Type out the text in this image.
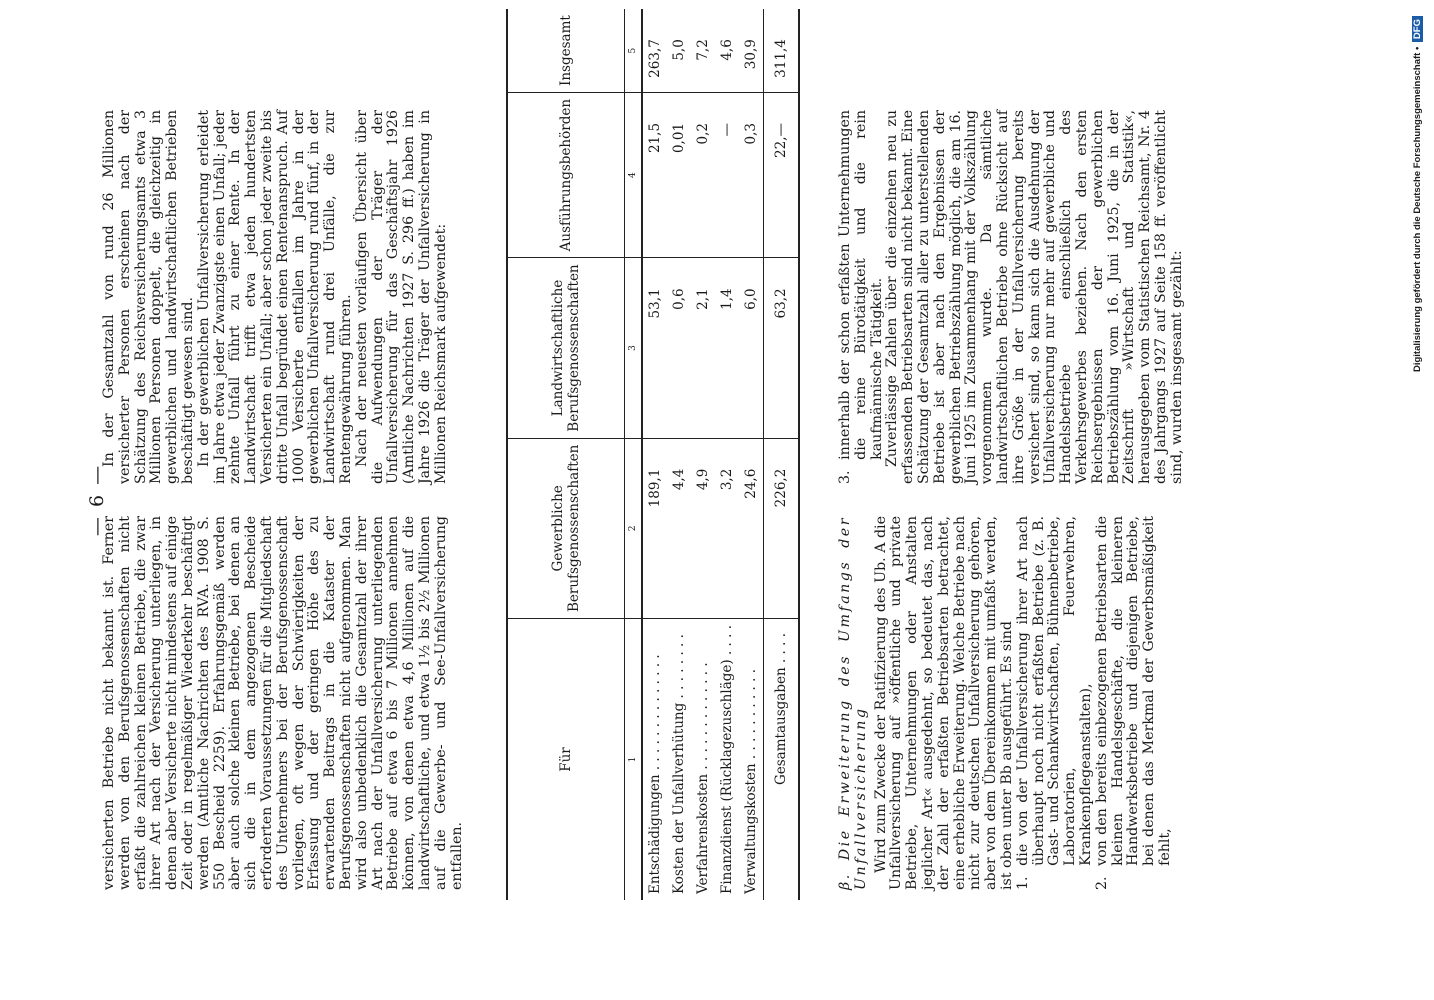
— 6 —

versicherten Betriebe nicht bekannt ist. Ferner werden von den Berufsgenossenschaften nicht erfaßt die zahlreichen kleinen Betriebe, die zwar ihrer Art nach der Versicherung unterliegen, in denen aber Versicherte nicht mindestens auf einige Zeit oder in regelmäßiger Wiederkehr beschäftigt werden (Amtliche Nachrichten des RVA. 1908 S. 550 Bescheid 2259). Erfahrungsgemäß werden aber auch solche kleinen Betriebe, bei denen an sich die in dem angezogenen Bescheide erforderten Voraussetzungen für die Mitgliedschaft des Unternehmers bei der Berufsgenossenschaft vorliegen, oft wegen der Schwierigkeiten der Erfassung und der geringen Höhe des zu erwartenden Beitrags in die Kataster der Berufsgenossenschaften nicht aufgenommen. Man wird also unbedenklich die Gesamtzahl der ihrer Art nach der Unfallversicherung unterliegenden Betriebe auf etwa 6 bis 7 Millionen annehmen können, von denen etwa 4,6 Millionen auf die landwirtschaftliche, und etwa 1½ bis 2½ Millionen auf die Gewerbe- und See-Unfallversicherung entfallen.

In der Gesamtzahl von rund 26 Millionen versicherter Personen erscheinen nach der Schätzung des Reichsversicherungsamts etwa 3 Millionen Personen doppelt, die gleichzeitig in gewerblichen und landwirtschaftlichen Betrieben beschäftigt gewesen sind. In der gewerblichen Unfallversicherung erleidet im Jahre etwa jeder Zwanzigste einen Unfall; jeder zehnte Unfall führt zu einer Rente. In der Landwirtschaft trifft etwa jeden hundertsten Versicherten ein Unfall; aber schon jeder zweite bis dritte Unfall begründet einen Rentenanspruch. Auf 1000 Versicherte entfallen im Jahre in der gewerblichen Unfallversicherung rund fünf, in der Landwirtschaft rund drei Unfälle, die zur Rentengewährung führen. Nach der neuesten vorläufigen Übersicht über die Aufwendungen der Träger der Unfallversicherung für das Geschäftsjahr 1926 (Amtliche Nachrichten 1927 S. 296 ff.) haben im Jahre 1926 die Träger der Unfallversicherung in Millionen Reichsmark aufgewendet:

Für	Gewerbliche Berufsgenossenschaften	Landwirtschaftliche Berufsgenossenschaften	Ausführungsbehörden	Insgesamt
1	2	3	4	5
Entschädigungen . . . . . . . . . . . . . .	189,1	53,1	21,5	263,7
Kosten der Unfallverhütung . . . . . . . .	4,4	0,6	0,01	5,0
Verfahrenskosten . . . . . . . . . . . . .	4,9	2,1	0,2	7,2
Finanzdienst (Rücklagezuschläge) . . . .	3,2	1,4	—	4,6
Verwaltungskosten . . . . . . . . . . .	24,6	6,0	0,3	30,9
Gesamtausgaben . . . .	226,2	63,2	22,—	311,4

β. Die Erweiterung des Umfangs der Unfallversicherung Wird zum Zwecke der Ratifizierung des Ub. A die Unfallversicherung auf »öffentliche und private Betriebe, Unternehmungen oder Anstalten jeglicher Art« ausgedehnt, so bedeutet das, nach der Zahl der erfaßten Betriebsarten betrachtet, eine erhebliche Erweiterung. Welche Betriebe nach nicht zur deutschen Unfallversicherung gehören, aber von dem Übereinkommen mit umfaßt werden, ist oben unter Bb ausgeführt. Es sind 1.die von der Unfallversicherung ihrer Art nach überhaupt noch nicht erfaßten Betriebe (z. B. Gast- und Schankwirtschaften, Bühnenbetriebe, Laboratorien, Feuerwehren, Krankenpflegeanstalten),

2.von den bereits einbezogenen Betriebsarten die kleinen Handelsgeschäfte, die kleineren Handwerksbetriebe und diejenigen Betriebe, bei denen das Merkmal der Gewerbsmäßigkeit fehlt,

3.innerhalb der schon erfaßten Unternehmungen die reine Bürotätigkeit und die rein kaufmännische Tätigkeit. Zuverlässige Zahlen über die einzelnen neu zu erfassenden Betriebsarten sind nicht bekannt. Eine Schätzung der Gesamtzahl aller zu unterstellenden Betriebe ist aber nach den Ergebnissen der gewerblichen Betriebszählung möglich, die am 16. Juni 1925 im Zusammenhang mit der Volkszählung vorgenommen wurde. Da sämtliche landwirtschaftlichen Betriebe ohne Rücksicht auf ihre Größe in der Unfallversicherung bereits versichert sind, so kann sich die Ausdehnung der Unfallversicherung nur mehr auf gewerbliche und Handelsbetriebe einschließlich des Verkehrsgewerbes beziehen. Nach den ersten Reichsergebnissen der gewerblichen Betriebszählung vom 16. Juni 1925, die in der Zeitschrift »Wirtschaft und Statistik«, herausgegeben vom Statistischen Reichsamt, Nr. 4 des Jahrgangs 1927 auf Seite 158 ff. veröffentlicht sind, wurden insgesamt gezählt:	Digitalisierung gefördert durch die Deutsche Forschungsgemeinschaft • DFG
